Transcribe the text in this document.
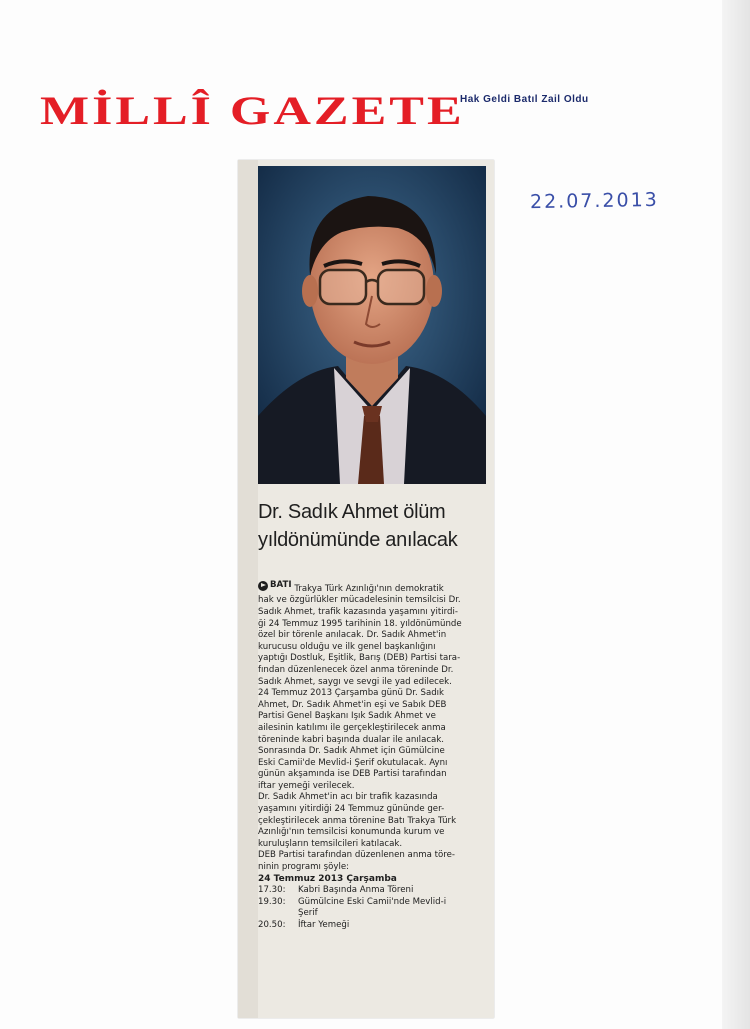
MİLLÎ GAZETE
Hak Geldi Batıl Zail Oldu
22.07.2013
Dr. Sadık Ahmet ölüm
yıldönümünde anılacak

BATI Trakya Türk Azınlığı'nın demokratik

hak ve özgürlükler mücadelesinin temsilcisi Dr.

Sadık Ahmet, trafik kazasında yaşamını yitirdi-

ği 24 Temmuz 1995 tarihinin 18. yıldönümünde

özel bir törenle anılacak. Dr. Sadık Ahmet'in

kurucusu olduğu ve ilk genel başkanlığını

yaptığı Dostluk, Eşitlik, Barış (DEB) Partisi tara-

fından düzenlenecek özel anma töreninde Dr.

Sadık Ahmet, saygı ve sevgi ile yad edilecek.

24 Temmuz 2013 Çarşamba günü Dr. Sadık

Ahmet, Dr. Sadık Ahmet'in eşi ve Sabık DEB

Partisi Genel Başkanı Işık Sadık Ahmet ve

ailesinin katılımı ile gerçekleştirilecek anma

töreninde kabri başında dualar ile anılacak.

Sonrasında Dr. Sadık Ahmet için Gümülcine

Eski Camii'de Mevlid-i Şerif okutulacak. Aynı

günün akşamında ise DEB Partisi tarafından

iftar yemeği verilecek.

Dr. Sadık Ahmet'in acı bir trafik kazasında

yaşamını yitirdiği 24 Temmuz gününde ger-

çekleştirilecek anma törenine Batı Trakya Türk

Azınlığı'nın temsilcisi konumunda kurum ve

kuruluşların temsilcileri katılacak.

DEB Partisi tarafından düzenlenen anma töre-

ninin programı şöyle:

24 Temmuz 2013 Çarşamba

17.30:	Kabri Başında Anma Töreni
19.30:	Gümülcine Eski Camii'nde Mevlid-i
Şerif
20.50:	İftar Yemeği
